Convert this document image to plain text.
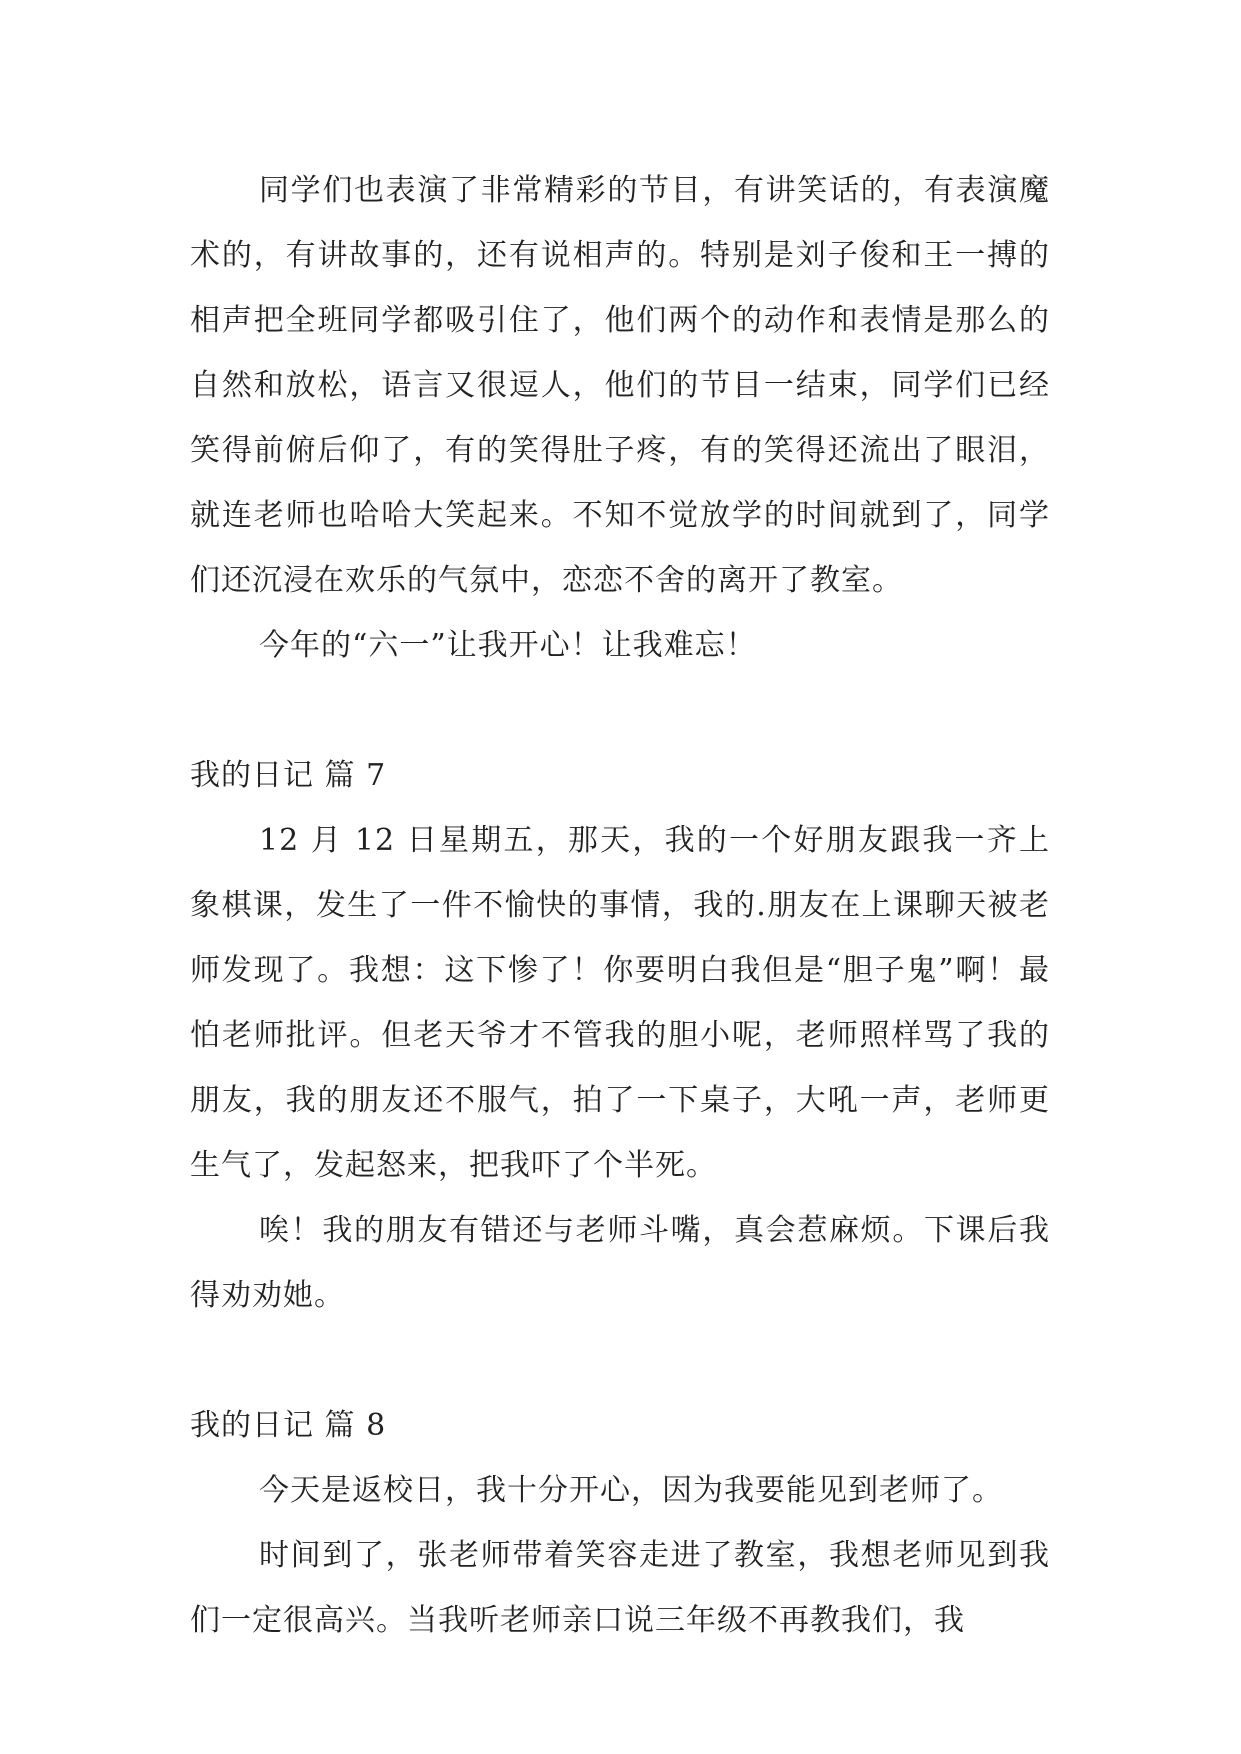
同学们也表演了非常精彩的节目，有讲笑话的，有表演魔术的，有讲故事的，还有说相声的。特别是刘子俊和王一搏的相声把全班同学都吸引住了，他们两个的动作和表情是那么的自然和放松，语言又很逗人，他们的节目一结束，同学们已经笑得前俯后仰了，有的笑得肚子疼，有的笑得还流出了眼泪，就连老师也哈哈大笑起来。不知不觉放学的时间就到了，同学们还沉浸在欢乐的气氛中，恋恋不舍的离开了教室。

今年的“六一”让我开心！让我难忘！

我的日记 篇 7

12 月 12 日星期五，那天，我的一个好朋友跟我一齐上象棋课，发生了一件不愉快的事情，我的.朋友在上课聊天被老师发现了。我想：这下惨了！你要明白我但是“胆子鬼”啊！最怕老师批评。但老天爷才不管我的胆小呢，老师照样骂了我的朋友，我的朋友还不服气，拍了一下桌子，大吼一声，老师更生气了，发起怒来，把我吓了个半死。

唉！我的朋友有错还与老师斗嘴，真会惹麻烦。下课后我得劝劝她。

我的日记 篇 8

今天是返校日，我十分开心，因为我要能见到老师了。

时间到了，张老师带着笑容走进了教室，我想老师见到我们一定很高兴。当我听老师亲口说三年级不再教我们，我
